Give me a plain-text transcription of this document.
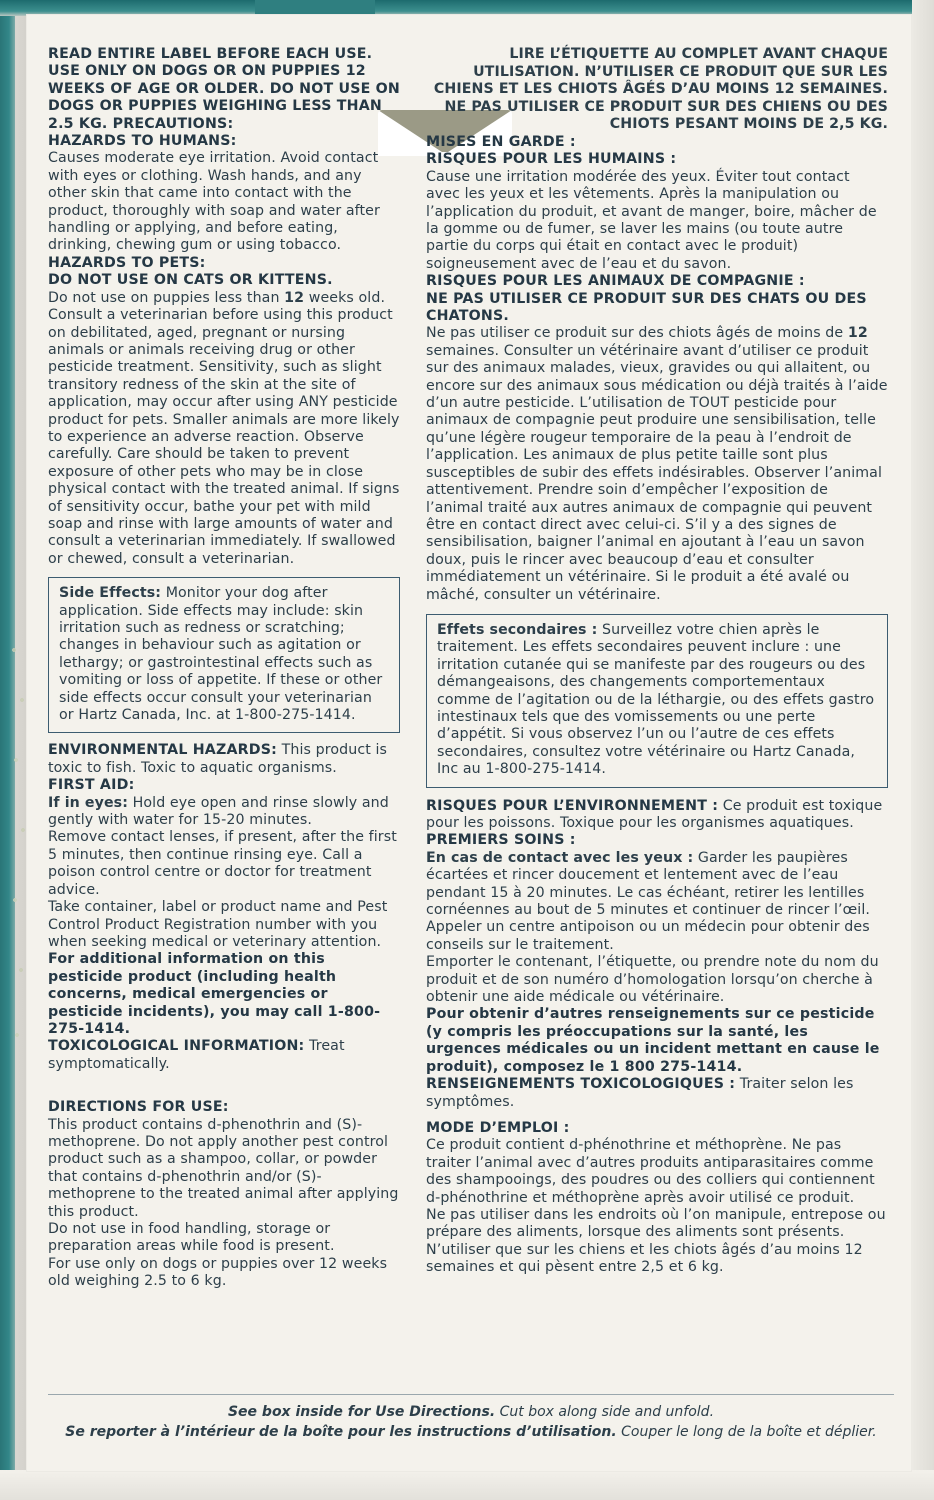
READ ENTIRE LABEL BEFORE EACH USE. USE ONLY ON DOGS OR ON PUPPIES 12 WEEKS OF AGE OR OLDER. DO NOT USE ON DOGS OR PUPPIES WEIGHING LESS THAN 2.5 KG. PRECAUTIONS:

HAZARDS TO HUMANS:

Causes moderate eye irritation. Avoid contact with eyes or clothing. Wash hands, and any other skin that came into contact with the product, thoroughly with soap and water after handling or applying, and before eating, drinking, chewing gum or using tobacco.

HAZARDS TO PETS:

DO NOT USE ON CATS OR KITTENS.

Do not use on puppies less than 12 weeks old. Consult a veterinarian before using this product on debilitated, aged, pregnant or nursing animals or animals receiving drug or other pesticide treatment. Sensitivity, such as slight transitory redness of the skin at the site of application, may occur after using ANY pesticide product for pets. Smaller animals are more likely to experience an adverse reaction. Observe carefully. Care should be taken to prevent exposure of other pets who may be in close physical contact with the treated animal. If signs of sensitivity occur, bathe your pet with mild soap and rinse with large amounts of water and consult a veterinarian immediately. If swallowed or chewed, consult a veterinarian.

Side Effects: Monitor your dog after application. Side effects may include: skin irritation such as redness or scratching; changes in behaviour such as agitation or lethargy; or gastrointestinal effects such as vomiting or loss of appetite. If these or other side effects occur consult your veterinarian or Hartz Canada, Inc. at 1-800-275-1414.

ENVIRONMENTAL HAZARDS: This product is toxic to fish. Toxic to aquatic organisms.

FIRST AID:

If in eyes: Hold eye open and rinse slowly and gently with water for 15-20 minutes.

Remove contact lenses, if present, after the first 5 minutes, then continue rinsing eye. Call a poison control centre or doctor for treatment advice.

Take container, label or product name and Pest Control Product Registration number with you when seeking medical or veterinary attention.

For additional information on this pesticide product (including health concerns, medical emergencies or pesticide incidents), you may call 1-800-275-1414.

TOXICOLOGICAL INFORMATION: Treat symptomatically.

DIRECTIONS FOR USE:

This product contains d-phenothrin and (S)-methoprene. Do not apply another pest control product such as a shampoo, collar, or powder that contains d-phenothrin and/or (S)-methoprene to the treated animal after applying this product.

Do not use in food handling, storage or preparation areas while food is present.

For use only on dogs or puppies over 12 weeks old weighing 2.5 to 6 kg.

LIRE L’ÉTIQUETTE AU COMPLET AVANT CHAQUE UTILISATION. N’UTILISER CE PRODUIT QUE SUR LES CHIENS ET LES CHIOTS ÂGÉS D’AU MOINS 12 SEMAINES. NE PAS UTILISER CE PRODUIT SUR DES CHIENS OU DES CHIOTS PESANT MOINS DE 2,5 KG.

MISES EN GARDE :

RISQUES POUR LES HUMAINS :

Cause une irritation modérée des yeux. Éviter tout contact avec les yeux et les vêtements. Après la manipulation ou l’application du produit, et avant de manger, boire, mâcher de la gomme ou de fumer, se laver les mains (ou toute autre partie du corps qui était en contact avec le produit) soigneusement avec de l’eau et du savon.

RISQUES POUR LES ANIMAUX DE COMPAGNIE :

NE PAS UTILISER CE PRODUIT SUR DES CHATS OU DES CHATONS.

Ne pas utiliser ce produit sur des chiots âgés de moins de 12 semaines. Consulter un vétérinaire avant d’utiliser ce produit sur des animaux malades, vieux, gravides ou qui allaitent, ou encore sur des animaux sous médication ou déjà traités à l’aide d’un autre pesticide. L’utilisation de TOUT pesticide pour animaux de compagnie peut produire une sensibilisation, telle qu’une légère rougeur temporaire de la peau à l’endroit de l’application. Les animaux de plus petite taille sont plus susceptibles de subir des effets indésirables. Observer l’animal attentivement. Prendre soin d’empêcher l’exposition de l’animal traité aux autres animaux de compagnie qui peuvent être en contact direct avec celui-ci. S’il y a des signes de sensibilisation, baigner l’animal en ajoutant à l’eau un savon doux, puis le rincer avec beaucoup d’eau et consulter immédiatement un vétérinaire. Si le produit a été avalé ou mâché, consulter un vétérinaire.

Effets secondaires : Surveillez votre chien après le traitement. Les effets secondaires peuvent inclure : une irritation cutanée qui se manifeste par des rougeurs ou des démangeaisons, des changements comportementaux comme de l’agitation ou de la léthargie, ou des effets gastro intestinaux tels que des vomissements ou une perte d’appétit. Si vous observez l’un ou l’autre de ces effets secondaires, consultez votre vétérinaire ou Hartz Canada, Inc au 1-800-275-1414.

RISQUES POUR L’ENVIRONNEMENT : Ce produit est toxique pour les poissons. Toxique pour les organismes aquatiques.

PREMIERS SOINS :

En cas de contact avec les yeux : Garder les paupières écartées et rincer doucement et lentement avec de l’eau pendant 15 à 20 minutes. Le cas échéant, retirer les lentilles cornéennes au bout de 5 minutes et continuer de rincer l’œil. Appeler un centre antipoison ou un médecin pour obtenir des conseils sur le traitement.

Emporter le contenant, l’étiquette, ou prendre note du nom du produit et de son numéro d’homologation lorsqu’on cherche à obtenir une aide médicale ou vétérinaire.

Pour obtenir d’autres renseignements sur ce pesticide (y compris les préoccupations sur la santé, les urgences médicales ou un incident mettant en cause le produit), composez le 1 800 275-1414.

RENSEIGNEMENTS TOXICOLOGIQUES : Traiter selon les symptômes.

MODE D’EMPLOI :

Ce produit contient d-phénothrine et méthoprène. Ne pas traiter l’animal avec d’autres produits antiparasitaires comme des shampooings, des poudres ou des colliers qui contiennent d-phénothrine et méthoprène après avoir utilisé ce produit.

Ne pas utiliser dans les endroits où l’on manipule, entrepose ou prépare des aliments, lorsque des aliments sont présents.

N’utiliser que sur les chiens et les chiots âgés d’au moins 12 semaines et qui pèsent entre 2,5 et 6 kg.

See box inside for Use Directions. Cut box along side and unfold.
Se reporter à l’intérieur de la boîte pour les instructions d’utilisation. Couper le long de la boîte et déplier.
